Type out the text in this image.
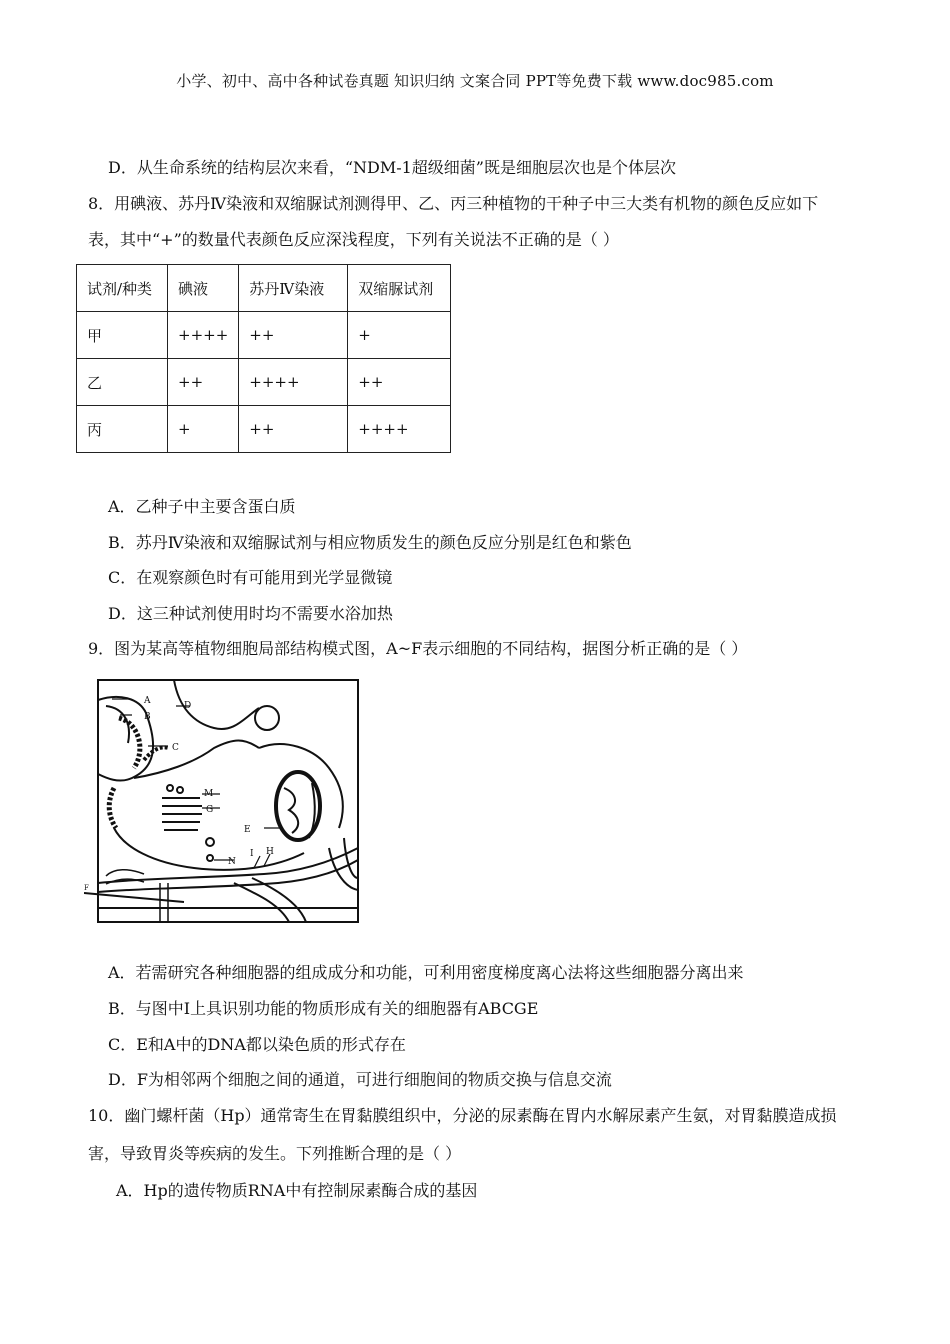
小学、初中、高中各种试卷真题 知识归纳 文案合同 PPT等免费下载 www.doc985.com
D．从生命系统的结构层次来看，“NDM-1超级细菌”既是细胞层次也是个体层次
8．用碘液、苏丹Ⅳ染液和双缩脲试剂测得甲、乙、丙三种植物的干种子中三大类有机物的颜色反应如下
表，其中“+”的数量代表颜色反应深浅程度，下列有关说法不正确的是（ ）
试剂/种类	碘液	苏丹Ⅳ染液	双缩脲试剂
甲	++++	++	+
乙	++	++++	++
丙	+	++	++++
A．乙种子中主要含蛋白质
B．苏丹Ⅳ染液和双缩脲试剂与相应物质发生的颜色反应分别是红色和紫色
C．在观察颜色时有可能用到光学显微镜
D．这三种试剂使用时均不需要水浴加热
9．图为某高等植物细胞局部结构模式图，A~F表示细胞的不同结构，据图分析正确的是（ ）
A
B
C
D
M
G
E
N
I H
F
A．若需研究各种细胞器的组成成分和功能，可利用密度梯度离心法将这些细胞器分离出来
B．与图中Ⅰ上具识别功能的物质形成有关的细胞器有ABCGE
C．E和A中的DNA都以染色质的形式存在
D．F为相邻两个细胞之间的通道，可进行细胞间的物质交换与信息交流
10．幽门螺杆菌（Hp）通常寄生在胃黏膜组织中，分泌的尿素酶在胃内水解尿素产生氨，对胃黏膜造成损
害，导致胃炎等疾病的发生。下列推断合理的是（ ）
A．Hp的遗传物质RNA中有控制尿素酶合成的基因
